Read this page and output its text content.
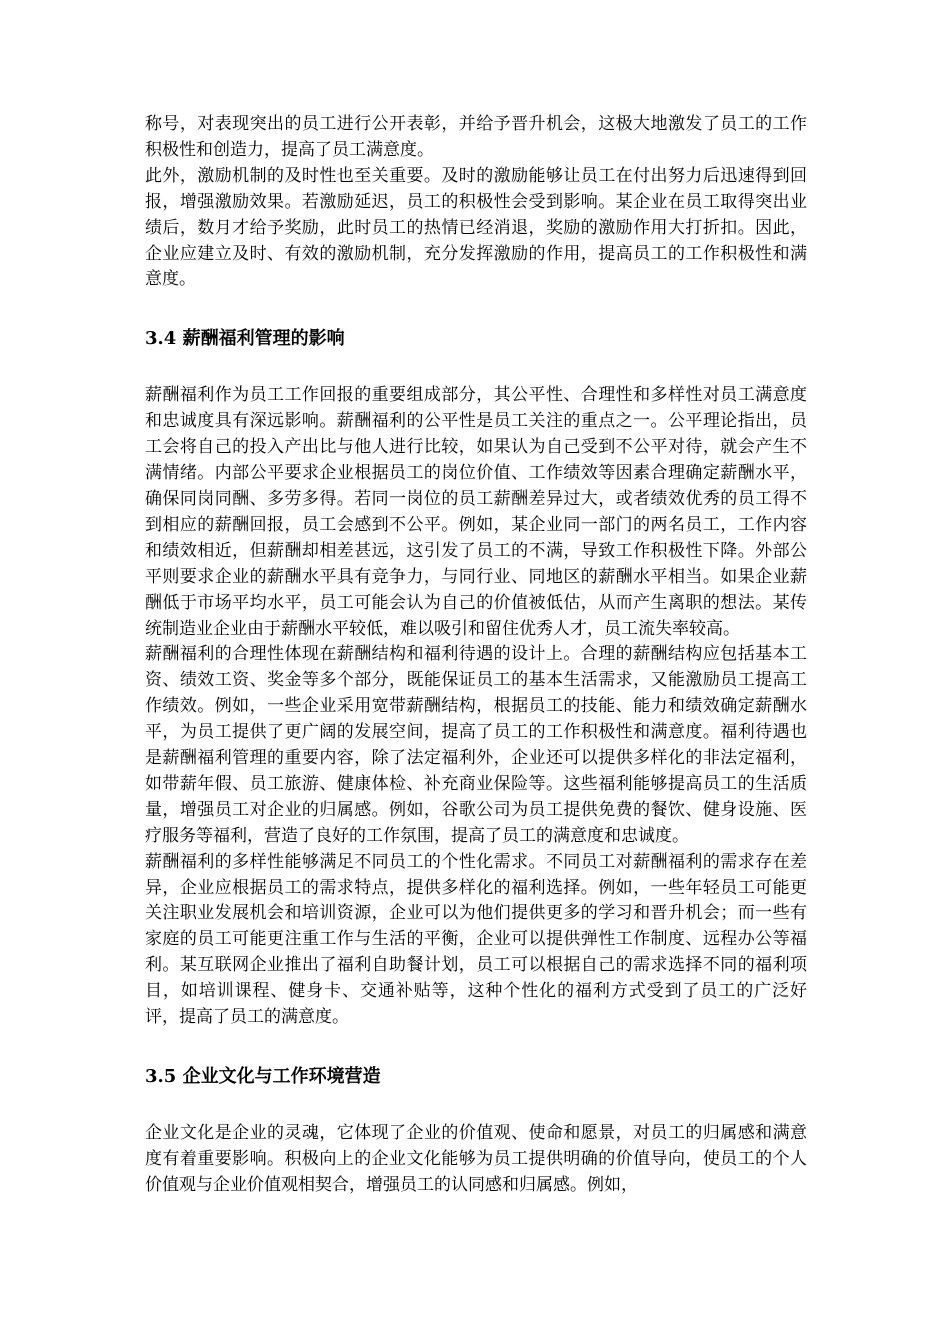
称号，对表现突出的员工进行公开表彰，并给予晋升机会，这极大地激发了员工的工作积极性和创造力，提高了员工满意度。

此外，激励机制的及时性也至关重要。及时的激励能够让员工在付出努力后迅速得到回报，增强激励效果。若激励延迟，员工的积极性会受到影响。某企业在员工取得突出业绩后，数月才给予奖励，此时员工的热情已经消退，奖励的激励作用大打折扣。因此，企业应建立及时、有效的激励机制，充分发挥激励的作用，提高员工的工作积极性和满意度。

3.4 薪酬福利管理的影响

薪酬福利作为员工工作回报的重要组成部分，其公平性、合理性和多样性对员工满意度和忠诚度具有深远影响。薪酬福利的公平性是员工关注的重点之一。公平理论指出，员工会将自己的投入产出比与他人进行比较，如果认为自己受到不公平对待，就会产生不满情绪。内部公平要求企业根据员工的岗位价值、工作绩效等因素合理确定薪酬水平，确保同岗同酬、多劳多得。若同一岗位的员工薪酬差异过大，或者绩效优秀的员工得不到相应的薪酬回报，员工会感到不公平。例如，某企业同一部门的两名员工，工作内容和绩效相近，但薪酬却相差甚远，这引发了员工的不满，导致工作积极性下降。外部公平则要求企业的薪酬水平具有竞争力，与同行业、同地区的薪酬水平相当。如果企业薪酬低于市场平均水平，员工可能会认为自己的价值被低估，从而产生离职的想法。某传统制造业企业由于薪酬水平较低，难以吸引和留住优秀人才，员工流失率较高。

薪酬福利的合理性体现在薪酬结构和福利待遇的设计上。合理的薪酬结构应包括基本工资、绩效工资、奖金等多个部分，既能保证员工的基本生活需求，又能激励员工提高工作绩效。例如，一些企业采用宽带薪酬结构，根据员工的技能、能力和绩效确定薪酬水平，为员工提供了更广阔的发展空间，提高了员工的工作积极性和满意度。福利待遇也是薪酬福利管理的重要内容，除了法定福利外，企业还可以提供多样化的非法定福利，如带薪年假、员工旅游、健康体检、补充商业保险等。这些福利能够提高员工的生活质量，增强员工对企业的归属感。例如，谷歌公司为员工提供免费的餐饮、健身设施、医疗服务等福利，营造了良好的工作氛围，提高了员工的满意度和忠诚度。

薪酬福利的多样性能够满足不同员工的个性化需求。不同员工对薪酬福利的需求存在差异，企业应根据员工的需求特点，提供多样化的福利选择。例如，一些年轻员工可能更关注职业发展机会和培训资源，企业可以为他们提供更多的学习和晋升机会；而一些有家庭的员工可能更注重工作与生活的平衡，企业可以提供弹性工作制度、远程办公等福利。某互联网企业推出了福利自助餐计划，员工可以根据自己的需求选择不同的福利项目，如培训课程、健身卡、交通补贴等，这种个性化的福利方式受到了员工的广泛好评，提高了员工的满意度。

3.5 企业文化与工作环境营造

企业文化是企业的灵魂，它体现了企业的价值观、使命和愿景，对员工的归属感和满意度有着重要影响。积极向上的企业文化能够为员工提供明确的价值导向，使员工的个人价值观与企业价值观相契合，增强员工的认同感和归属感。例如，
